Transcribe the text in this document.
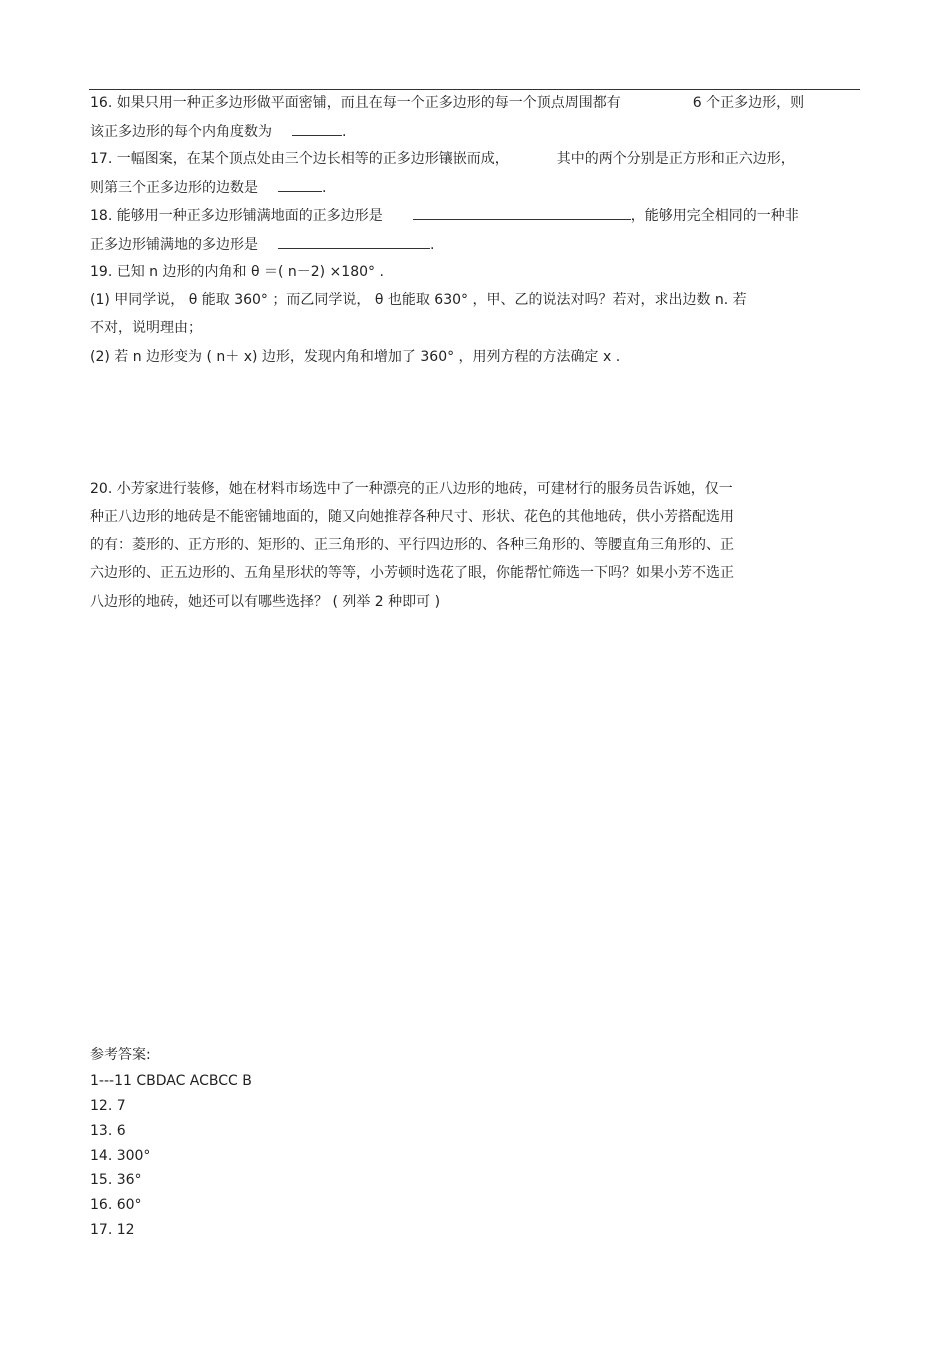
16. 如果只用一种正多边形做平面密铺，而且在每一个正多边形的每一个顶点周围都有	6 个正多边形，则
该正多边形的每个内角度数为	.
17. 一幅图案，在某个顶点处由三个边长相等的正多边形镶嵌而成，	其中的两个分别是正方形和正六边形，
则第三个正多边形的边数是	.
18. 能够用一种正多边形铺满地面的正多边形是	，能够用完全相同的一种非
正多边形铺满地的多边形是	.
19. 已知 n 边形的内角和 θ ＝( n－2) ×180° .
(1) 甲同学说， θ 能取 360° ；而乙同学说， θ 也能取 630° ，甲、乙的说法对吗？若对，求出边数 n. 若
不对，说明理由；
(2) 若 n 边形变为 ( n＋ x) 边形，发现内角和增加了 360° ，用列方程的方法确定 x .
20. 小芳家进行装修，她在材料市场选中了一种漂亮的正八边形的地砖，可建材行的服务员告诉她，仅一
种正八边形的地砖是不能密铺地面的，随又向她推荐各种尺寸、形状、花色的其他地砖，供小芳搭配选用
的有：菱形的、正方形的、矩形的、正三角形的、平行四边形的、各种三角形的、等腰直角三角形的、正
六边形的、正五边形的、五角星形状的等等，小芳顿时选花了眼，你能帮忙筛选一下吗？如果小芳不选正
八边形的地砖，她还可以有哪些选择？ ( 列举 2 种即可 )
参考答案:
1---11 CBDAC ACBCC B
12. 7
13. 6
14. 300°
15. 36°
16. 60°
17. 12
